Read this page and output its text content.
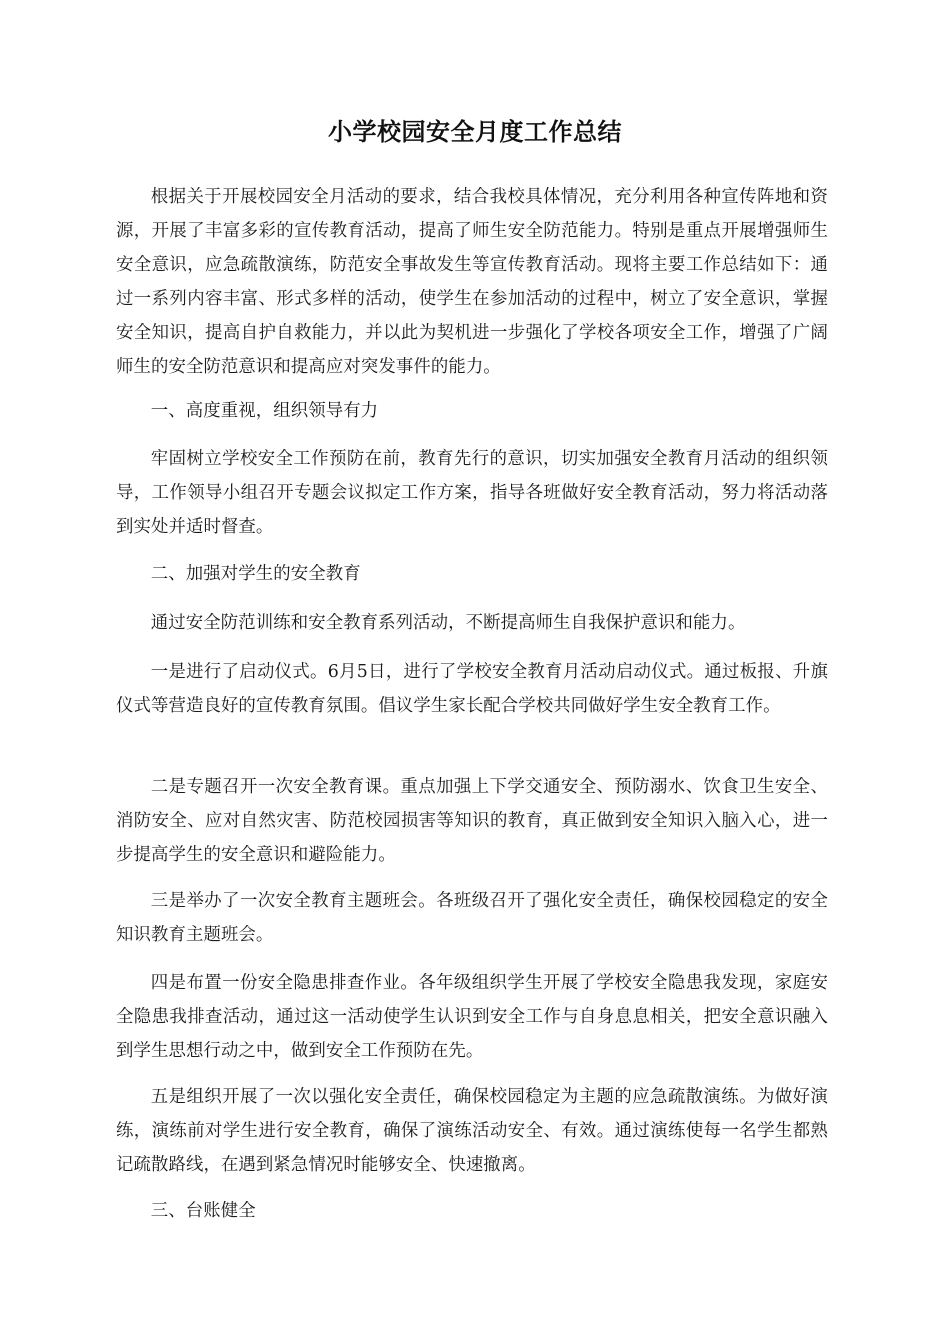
小学校园安全月度工作总结

根据关于开展校园安全月活动的要求，结合我校具体情况，充分利用各种宣传阵地和资源，开展了丰富多彩的宣传教育活动，提高了师生安全防范能力。特别是重点开展增强师生安全意识，应急疏散演练，防范安全事故发生等宣传教育活动。现将主要工作总结如下：通过一系列内容丰富、形式多样的活动，使学生在参加活动的过程中，树立了安全意识，掌握安全知识，提高自护自救能力，并以此为契机进一步强化了学校各项安全工作，增强了广阔师生的安全防范意识和提高应对突发事件的能力。

一、高度重视，组织领导有力

牢固树立学校安全工作预防在前，教育先行的意识，切实加强安全教育月活动的组织领导，工作领导小组召开专题会议拟定工作方案，指导各班做好安全教育活动，努力将活动落到实处并适时督查。

二、加强对学生的安全教育

通过安全防范训练和安全教育系列活动，不断提高师生自我保护意识和能力。

一是进行了启动仪式。6月5日，进行了学校安全教育月活动启动仪式。通过板报、升旗仪式等营造良好的宣传教育氛围。倡议学生家长配合学校共同做好学生安全教育工作。

二是专题召开一次安全教育课。重点加强上下学交通安全、预防溺水、饮食卫生安全、消防安全、应对自然灾害、防范校园损害等知识的教育，真正做到安全知识入脑入心，进一步提高学生的安全意识和避险能力。

三是举办了一次安全教育主题班会。各班级召开了强化安全责任，确保校园稳定的安全知识教育主题班会。

四是布置一份安全隐患排查作业。各年级组织学生开展了学校安全隐患我发现，家庭安全隐患我排查活动，通过这一活动使学生认识到安全工作与自身息息相关，把安全意识融入到学生思想行动之中，做到安全工作预防在先。

五是组织开展了一次以强化安全责任，确保校园稳定为主题的应急疏散演练。为做好演练，演练前对学生进行安全教育，确保了演练活动安全、有效。通过演练使每一名学生都熟记疏散路线，在遇到紧急情况时能够安全、快速撤离。

三、台账健全
